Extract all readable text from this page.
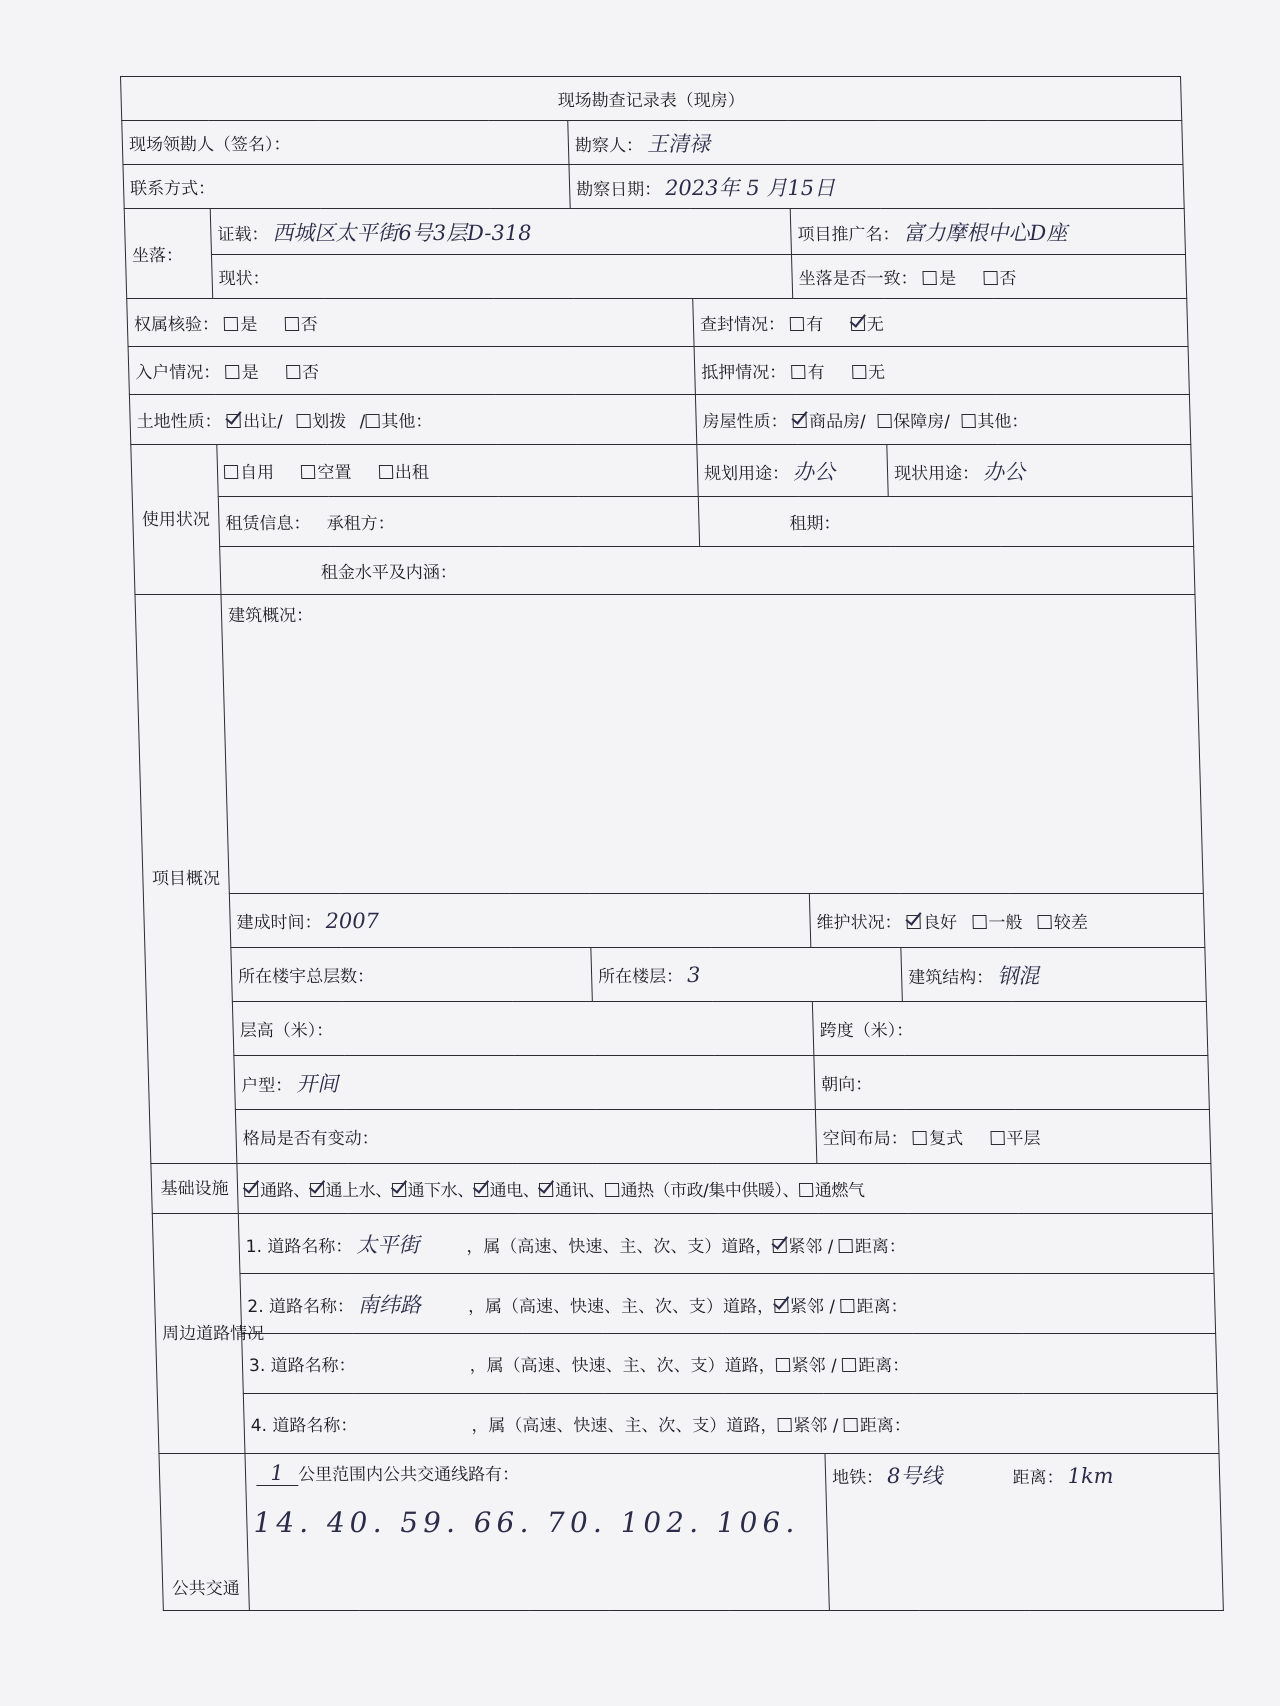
现场勘查记录表（现房）					
现场领勘人（签名）：		勘察人： 王清禄			
联系方式：		勘察日期： 2023年 5 月15日			
坐落：	证载： 西城区太平街6号3层D-318			项目推广名： 富力摩根中心D座	
	现状：			坐落是否一致： 是 否	
权属核验： 是 否			查封情况： 有 无		
入户情况： 是 否			抵押情况： 有 无		
土地性质： 出让/ 划拨 / 其他：			房屋性质： 商品房/ 保障房/ 其他：		
使用状况	自用 空置 出租		规划用途： 办公		现状用途： 办公
	租赁信息： 承租方：		租期：		
	租金水平及内涵：				
项目概况	建筑概况：				
	建成时间： 2007			维护状况： 良好 一般 较差	
	所在楼宇总层数：	所在楼层： 3			建筑结构： 钢混
	层高（米）：			跨度（米）：	
	户型： 开间			朝向：	
	格局是否有变动：			空间布局： 复式 平层	
基础设施	通路、 通上水、 通下水、 通电、 通讯、 通热（市政/集中供暖）、 通燃气				
周边道路情况	1. 道路名称： 太平街 ，属（高速、快速、主、次、支）道路， 紧邻 / 距离：				
	2. 道路名称： 南纬路 ，属（高速、快速、主、次、支）道路， 紧邻 / 距离：				
	3. 道路名称： ，属（高速、快速、主、次、支）道路， 紧邻 / 距离：				
	4. 道路名称： ，属（高速、快速、主、次、支）道路， 紧邻 / 距离：				
公共交通	1 公里范围内公共交通线路有：
14. 40. 59. 66. 70. 102. 106.			地铁： 8号线 距离： 1km	
